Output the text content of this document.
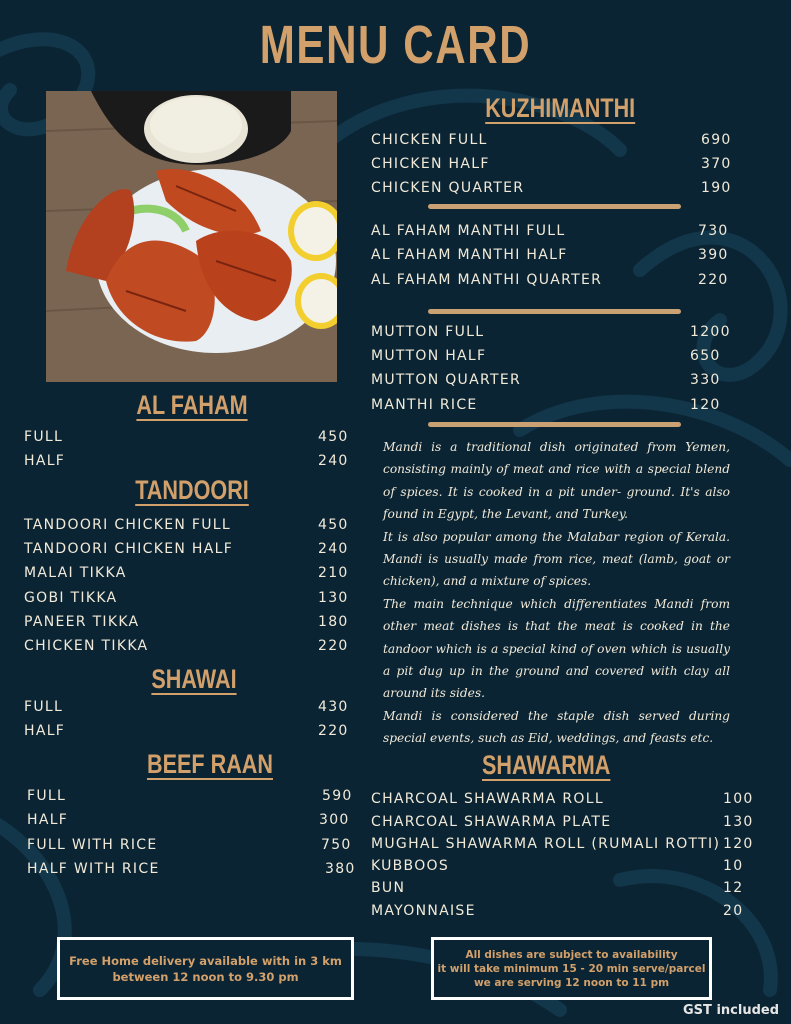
MENU CARD
KUZHIMANTHI
CHICKEN FULL	690
CHICKEN HALF	370
CHICKEN QUARTER	190
AL FAHAM MANTHI FULL	730
AL FAHAM MANTHI HALF	390
AL FAHAM MANTHI QUARTER	220
MUTTON FULL	1200
MUTTON HALF	650
MUTTON QUARTER	330
MANTHI RICE	120

Mandi is a traditional dish originated from Yemen, consisting mainly of meat and rice with a special blend of spices. It is cooked in a pit under- ground. It's also found in Egypt, the Levant, and Turkey.

It is also popular among the Malabar region of Kerala. Mandi is usually made from rice, meat (lamb, goat or chicken), and a mixture of spices.

The main technique which differentiates Mandi from other meat dishes is that the meat is cooked in the tandoor which is a special kind of oven which is usually a pit dug up in the ground and covered with clay all around its sides.

Mandi is considered the staple dish served during special events, such as Eid, weddings, and feasts etc.

AL FAHAM
FULL	450
HALF	240
TANDOORI
TANDOORI CHICKEN FULL	450
TANDOORI CHICKEN HALF	240
MALAI TIKKA	210
GOBI TIKKA	130
PANEER TIKKA	180
CHICKEN TIKKA	220
SHAWAI
FULL	430
HALF	220
BEEF RAAN
FULL	590
HALF	300
FULL WITH RICE	750
HALF WITH RICE	380
SHAWARMA
CHARCOAL SHAWARMA ROLL	100
CHARCOAL SHAWARMA PLATE	130
MUGHAL SHAWARMA ROLL (RUMALI ROTTI) 120
KUBBOOS	10
BUN	12
MAYONNAISE	20
Free Home delivery available with in 3 km
between 12 noon to 9.30 pm
All dishes are subject to availability
it will take minimum 15 - 20 min serve/parcel
we are serving 12 noon to 11 pm
GST included
